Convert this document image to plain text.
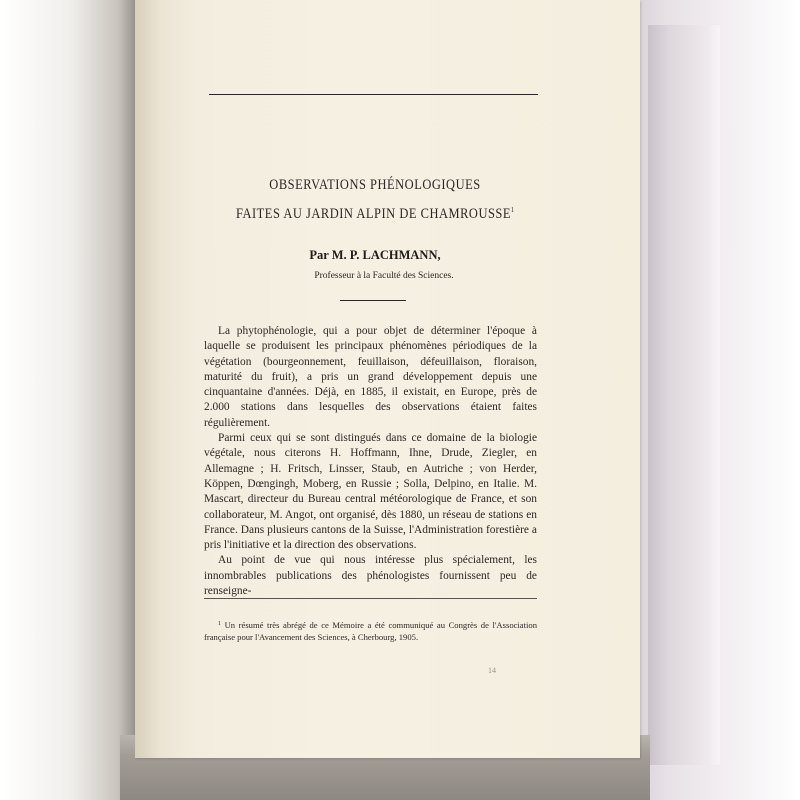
OBSERVATIONS PHÉNOLOGIQUES
FAITES AU JARDIN ALPIN DE CHAMROUSSE$^1$
Par M. P. LACHMANN,
Professeur à la Faculté des Sciences.

La phytophénologie, qui a pour objet de déterminer l'époque à laquelle se produisent les principaux phénomènes périodiques de la végétation (bourgeonnement, feuillaison, défeuillaison, floraison, maturité du fruit), a pris un grand développement depuis une cinquantaine d'années. Déjà, en 1885, il existait, en Europe, près de 2.000 stations dans lesquelles des observations étaient faites régulièrement.

Parmi ceux qui se sont distingués dans ce domaine de la biologie végétale, nous citerons H. Hoffmann, Ihne, Drude, Ziegler, en Allemagne ; H. Fritsch, Linsser, Staub, en Autriche ; von Herder, Köppen, Dœngingh, Moberg, en Russie ; Solla, Delpino, en Italie. M. Mascart, directeur du Bureau central météorologique de France, et son collaborateur, M. Angot, ont organisé, dès 1880, un réseau de stations en France. Dans plusieurs cantons de la Suisse, l'Administration forestière a pris l'initiative et la direction des observations.

Au point de vue qui nous intéresse plus spécialement, les innombrables publications des phénologistes fournissent peu de renseigne-

$^1$ Un résumé très abrégé de ce Mémoire a été communiqué au Congrès de l'Association française pour l'Avancement des Sciences, à Cherbourg, 1905.

14
